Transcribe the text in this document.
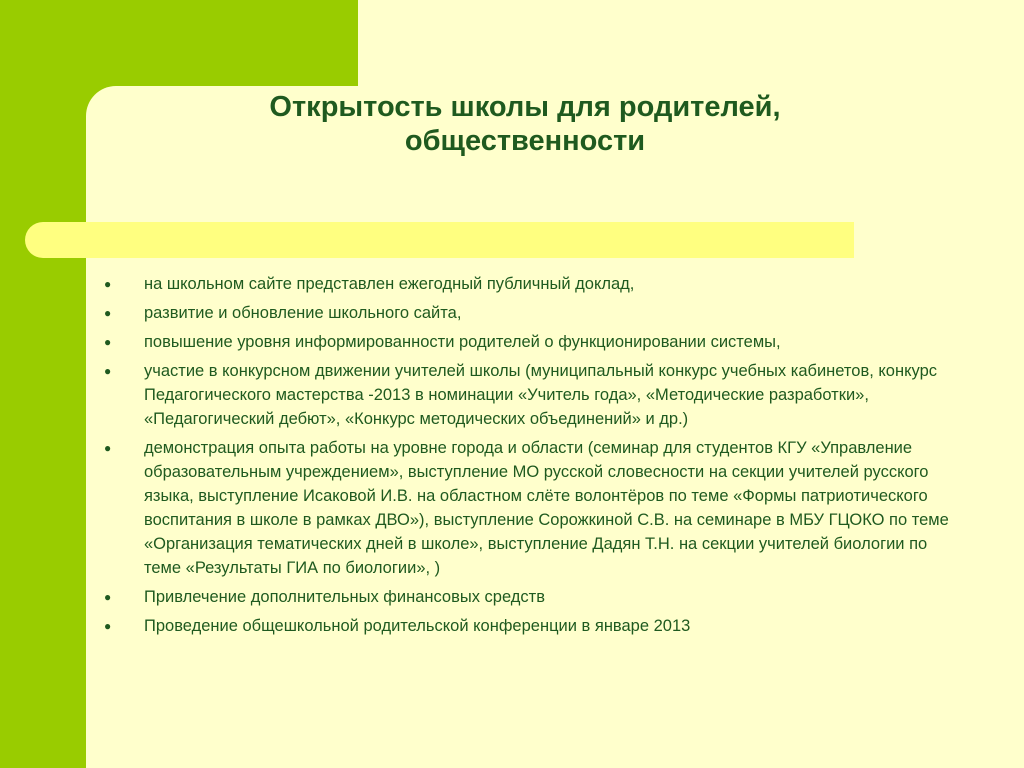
Открытость школы для родителей,
общественности
● на школьном сайте представлен ежегодный публичный доклад,
● развитие и обновление школьного сайта,
● повышение уровня информированности родителей о функционировании системы,
● участие в конкурсном движении учителей школы (муниципальный конкурс учебных кабинетов, конкурс Педагогического мастерства -2013 в номинации «Учитель года», «Методические разработки», «Педагогический дебют», «Конкурс методических объединений» и др.)
● демонстрация опыта работы на уровне города и области (семинар для студентов КГУ «Управление образовательным учреждением», выступление МО русской словесности на секции учителей русского языка, выступление Исаковой И.В. на областном слёте волонтёров по теме «Формы патриотического воспитания в школе в рамках ДВО»), выступление Сорожкиной С.В. на семинаре в МБУ ГЦОКО по теме «Организация тематических дней в школе», выступление Дадян Т.Н. на секции учителей биологии по теме «Результаты ГИА по биологии», )
● Привлечение дополнительных финансовых средств
● Проведение общешкольной родительской конференции в январе 2013
